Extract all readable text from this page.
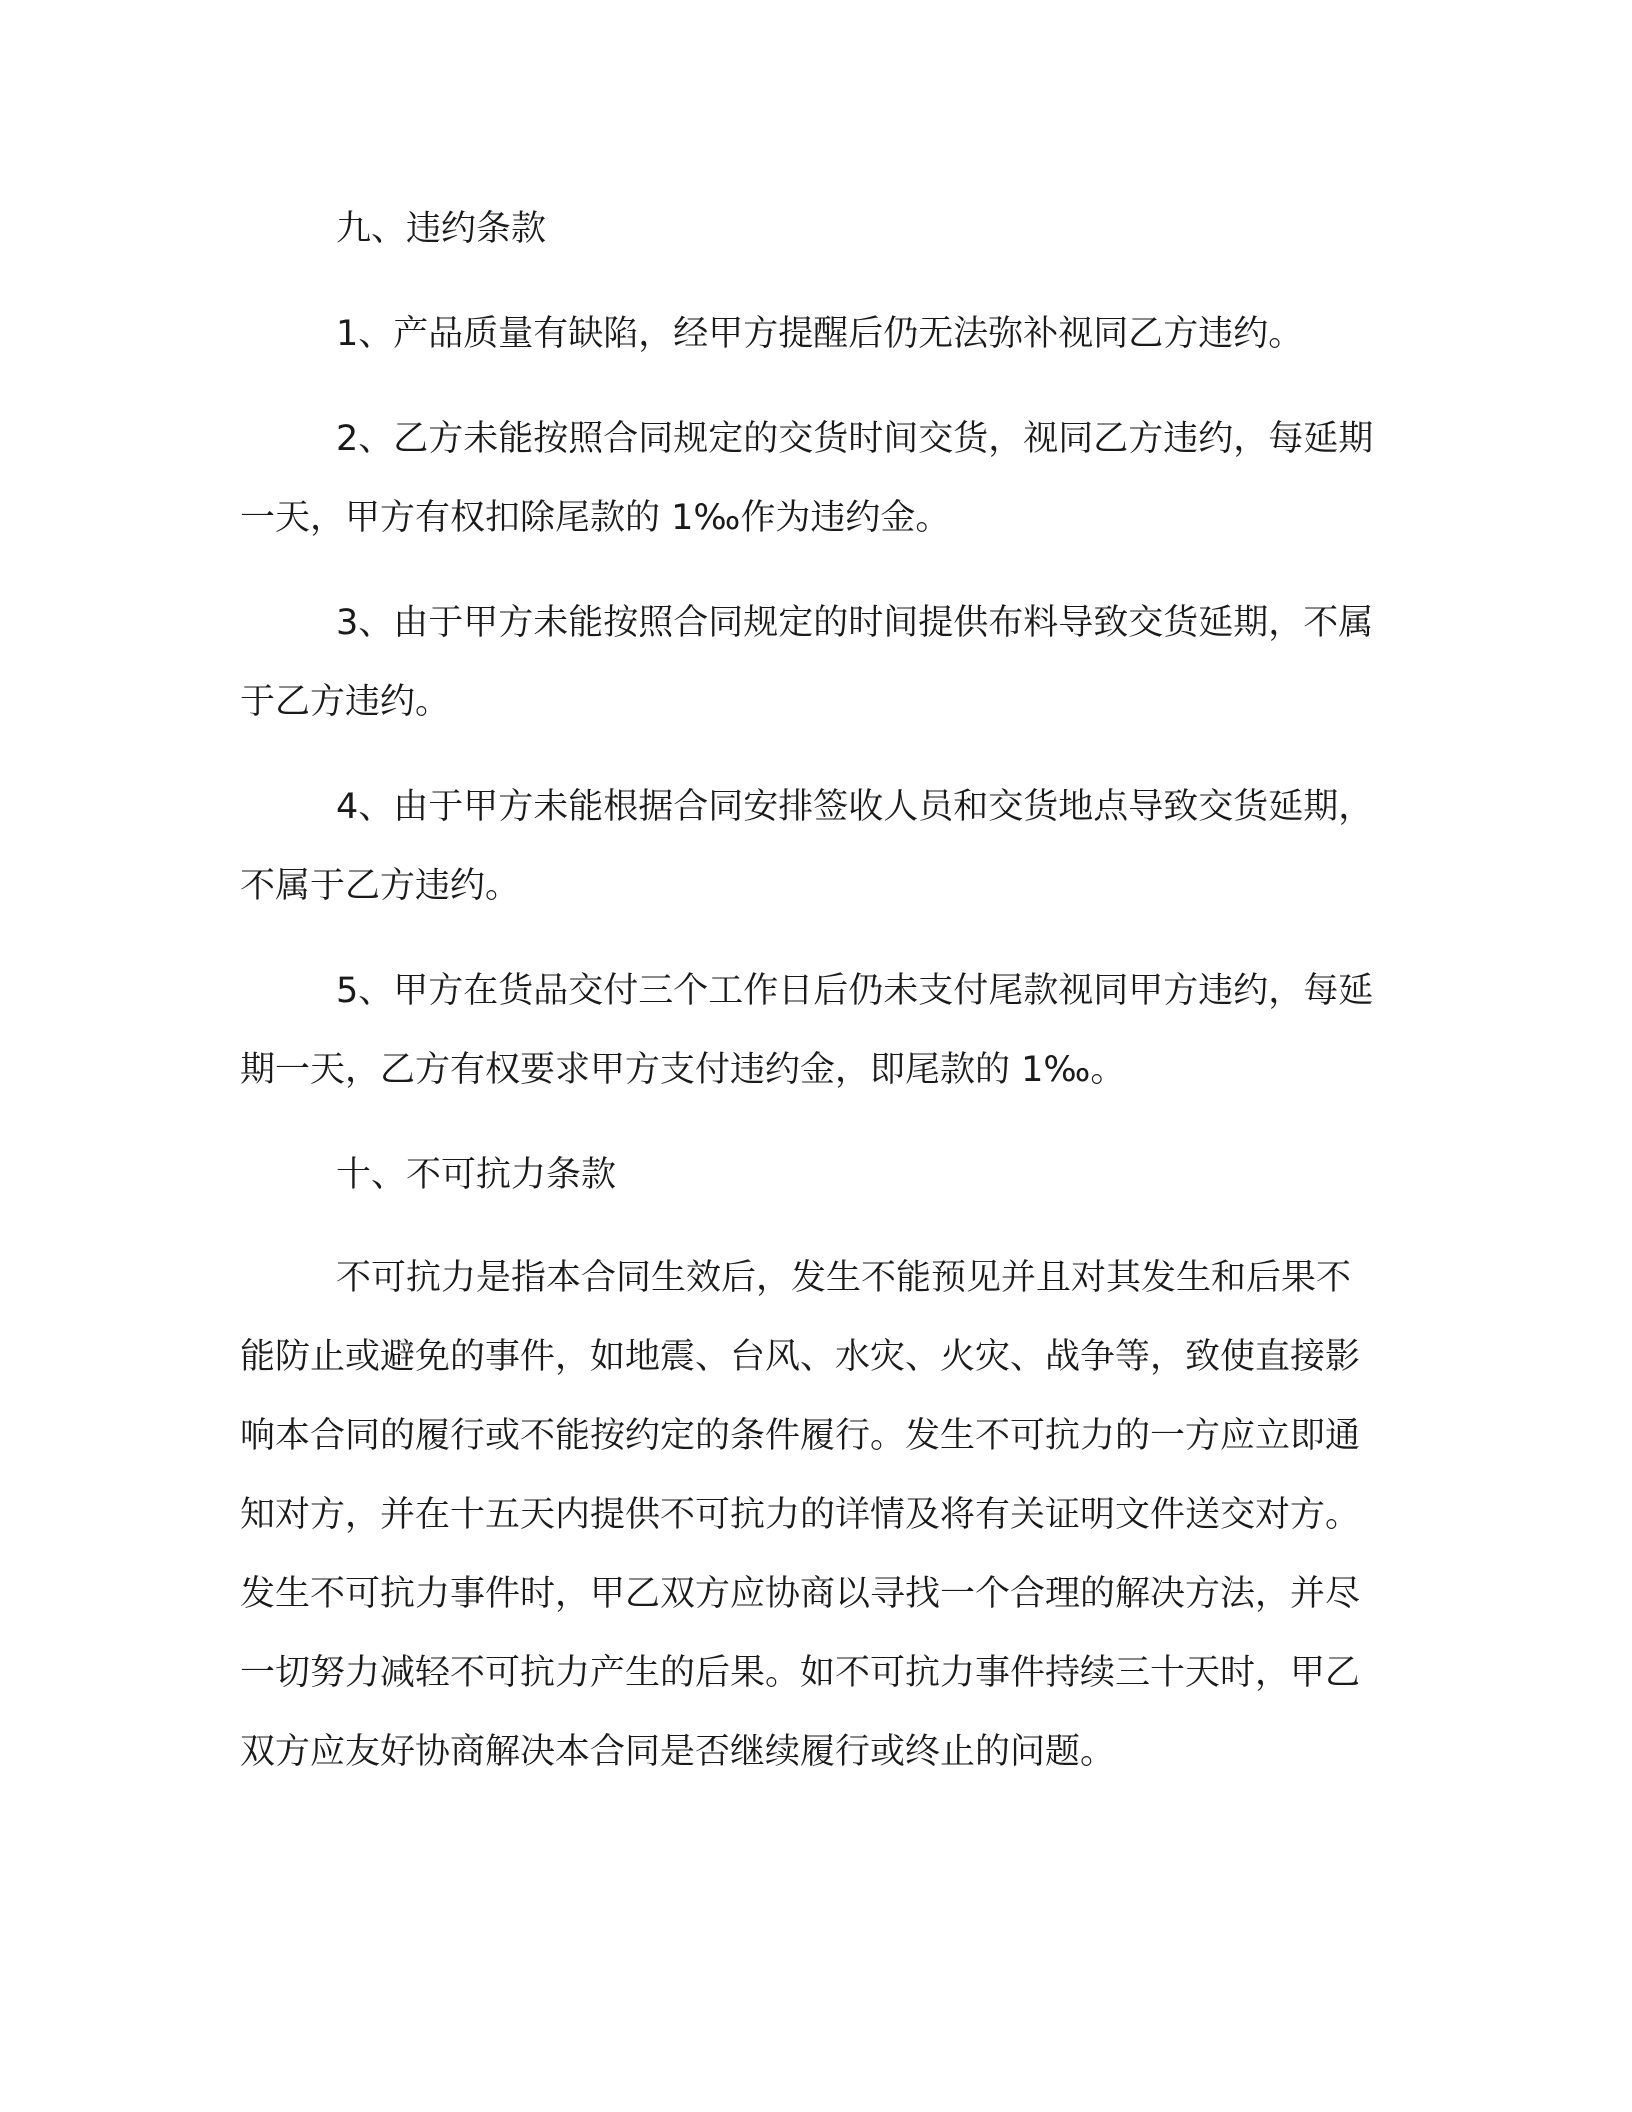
九、违约条款

1、产品质量有缺陷，经甲方提醒后仍无法弥补视同乙方违约。

2、乙方未能按照合同规定的交货时间交货，视同乙方违约，每延期一天，甲方有权扣除尾款的 1‰作为违约金。

3、由于甲方未能按照合同规定的时间提供布料导致交货延期，不属于乙方违约。

4、由于甲方未能根据合同安排签收人员和交货地点导致交货延期，不属于乙方违约。

5、甲方在货品交付三个工作日后仍未支付尾款视同甲方违约，每延期一天，乙方有权要求甲方支付违约金，即尾款的 1‰。

十、不可抗力条款

不可抗力是指本合同生效后，发生不能预见并且对其发生和后果不能防止或避免的事件，如地震、台风、水灾、火灾、战争等，致使直接影响本合同的履行或不能按约定的条件履行。发生不可抗力的一方应立即通知对方，并在十五天内提供不可抗力的详情及将有关证明文件送交对方。发生不可抗力事件时，甲乙双方应协商以寻找一个合理的解决方法，并尽一切努力减轻不可抗力产生的后果。如不可抗力事件持续三十天时，甲乙双方应友好协商解决本合同是否继续履行或终止的问题。
